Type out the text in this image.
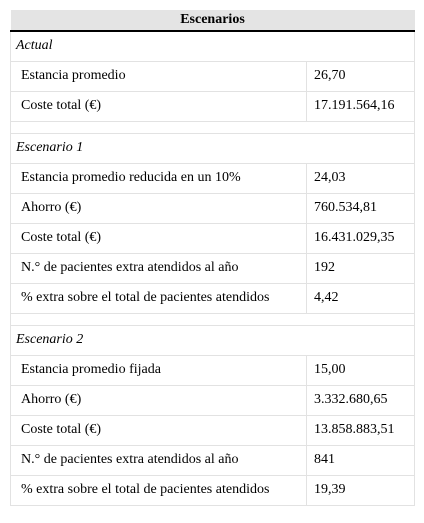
Escenarios	
Actual	
Estancia promedio	26,70
Coste total (€)	17.191.564,16

Escenario 1	
Estancia promedio reducida en un 10%	24,03
Ahorro (€)	760.534,81
Coste total (€)	16.431.029,35
N.° de pacientes extra atendidos al año	192
% extra sobre el total de pacientes atendidos	4,42

Escenario 2	
Estancia promedio fijada	15,00
Ahorro (€)	3.332.680,65
Coste total (€)	13.858.883,51
N.° de pacientes extra atendidos al año	841
% extra sobre el total de pacientes atendidos	19,39
